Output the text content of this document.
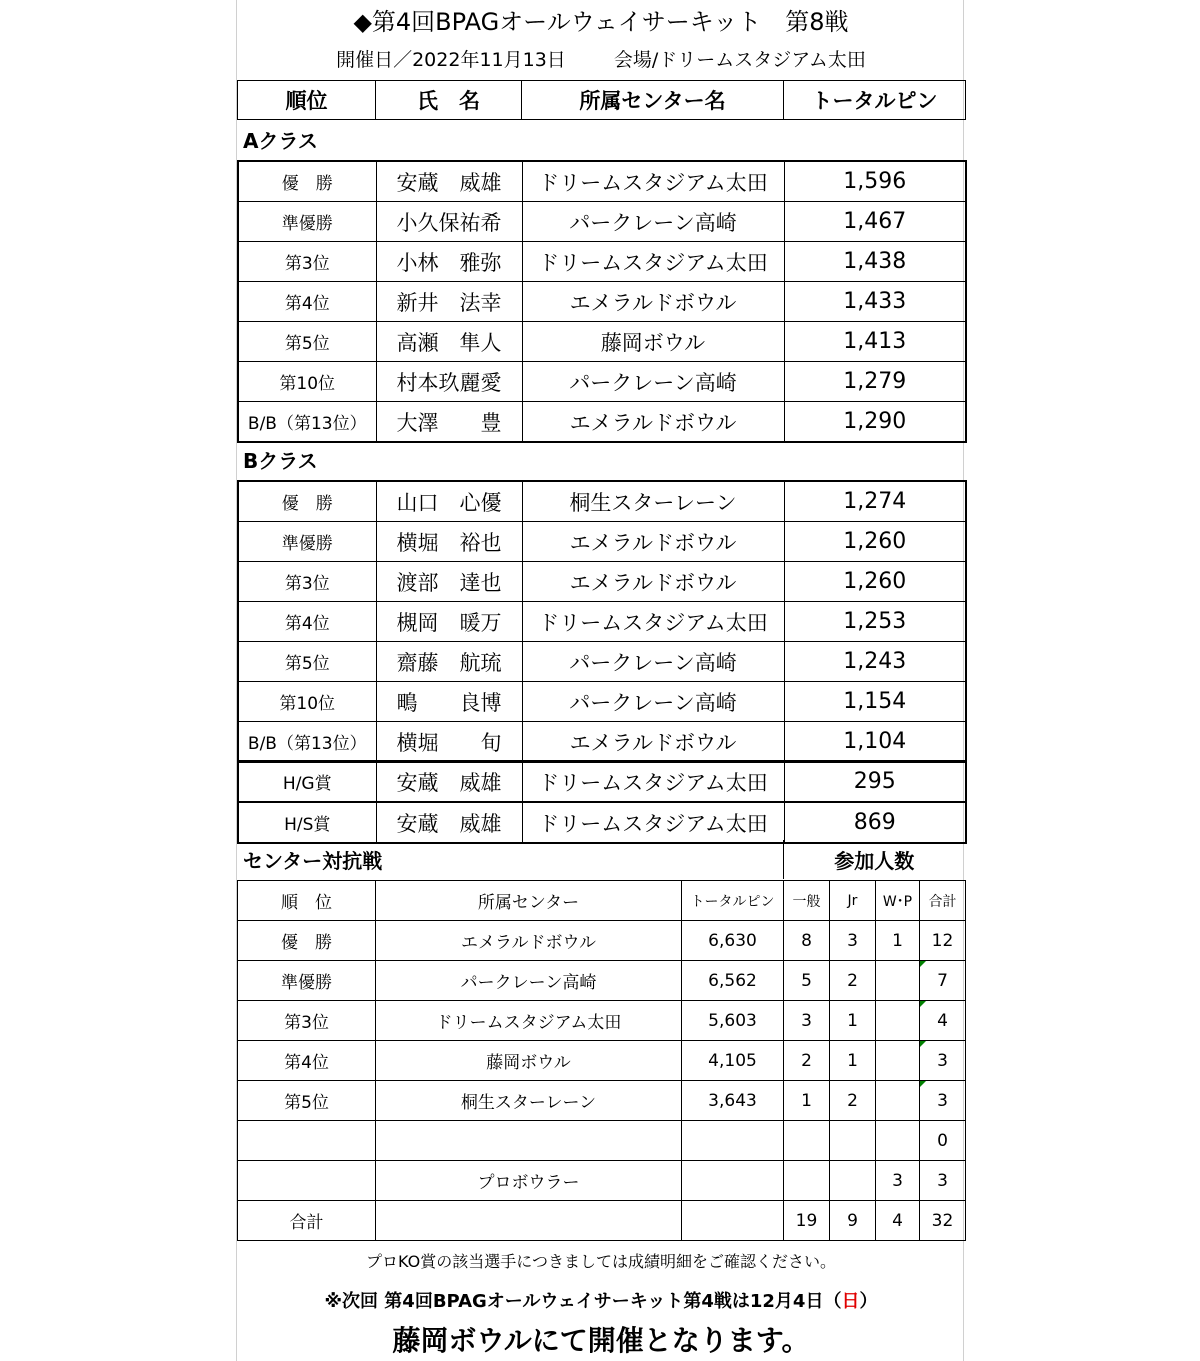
◆第4回BPAGオールウェイサーキット　第8戦
開催日／2022年11月13日	会場/ドリームスタジアム太田
順位	氏　名	所属センター名	トータルピン
Aクラス
優　勝	安蔵　威雄	ドリームスタジアム太田	1,596
準優勝	小久保祐希	パークレーン高崎	1,467
第3位	小林　雅弥	ドリームスタジアム太田	1,438
第4位	新井　法幸	エメラルドボウル	1,433
第5位	高瀬　隼人	藤岡ボウル	1,413
第10位	村本玖麗愛	パークレーン高崎	1,279
B/B（第13位）	大澤　　豊	エメラルドボウル	1,290
Bクラス
優　勝	山口　心優	桐生スターレーン	1,274
準優勝	横堀　裕也	エメラルドボウル	1,260
第3位	渡部　達也	エメラルドボウル	1,260
第4位	槻岡　暖万	ドリームスタジアム太田	1,253
第5位	齋藤　航琉	パークレーン高崎	1,243
第10位	鴫　　良博	パークレーン高崎	1,154
B/B（第13位）	横堀　　旬	エメラルドボウル	1,104
H/G賞	安蔵　威雄	ドリームスタジアム太田	295
H/S賞	安蔵　威雄	ドリームスタジアム太田	869
センター対抗戦	参加人数
順　位	所属センター	トータルピン	一般	Jr	W･P	合計
優　勝	エメラルドボウル	6,630	8	3	1	12
準優勝	パークレーン高崎	6,562	5	2		7
第3位	ドリームスタジアム太田	5,603	3	1		4
第4位	藤岡ボウル	4,105	2	1		3
第5位	桐生スターレーン	3,643	1	2		3
						0
	プロボウラー				3	3
合計			19	9	4	32
プロKO賞の該当選手につきましては成績明細をご確認ください。
※次回 第4回BPAGオールウェイサーキット第4戦は12月4日（日）
藤岡ボウルにて開催となります。
